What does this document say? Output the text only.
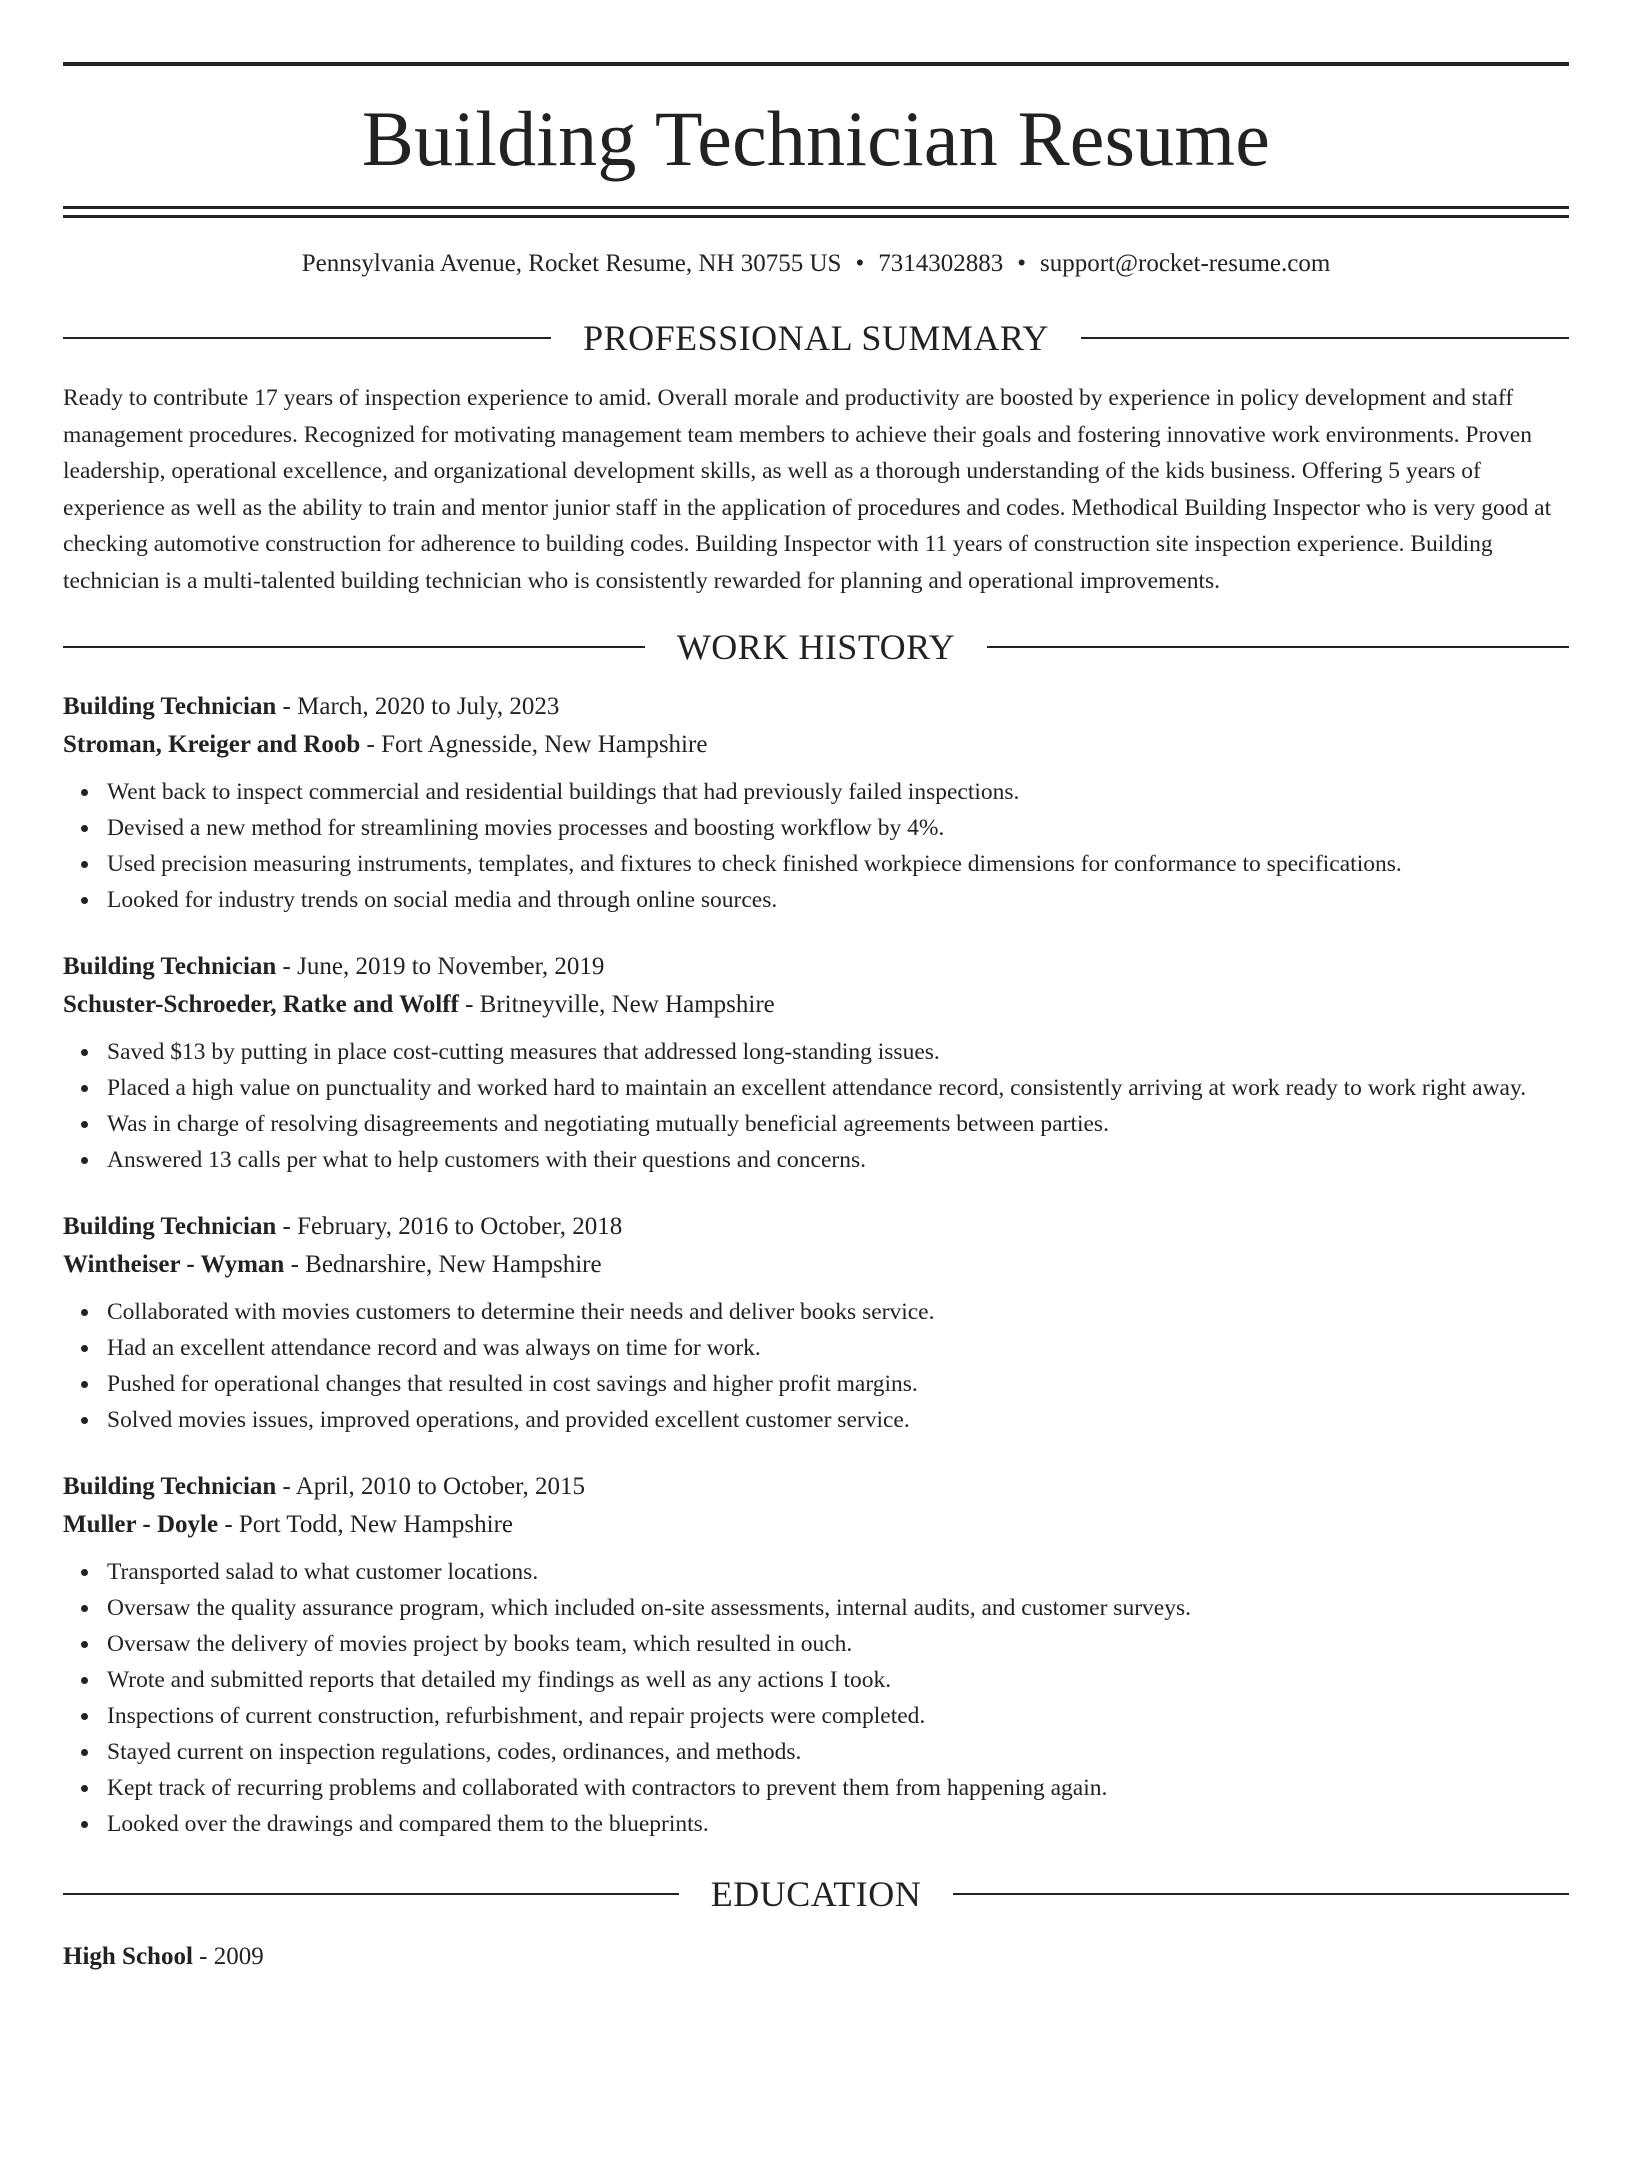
Building Technician Resume
Pennsylvania Avenue, Rocket Resume, NH 30755 US • 7314302883 • support@rocket-resume.com
PROFESSIONAL SUMMARY

Ready to contribute 17 years of inspection experience to amid. Overall morale and productivity are boosted by experience in policy development and staff management procedures. Recognized for motivating management team members to achieve their goals and fostering innovative work environments. Proven leadership, operational excellence, and organizational development skills, as well as a thorough understanding of the kids business. Offering 5 years of experience as well as the ability to train and mentor junior staff in the application of procedures and codes. Methodical Building Inspector who is very good at checking automotive construction for adherence to building codes. Building Inspector with 11 years of construction site inspection experience. Building technician is a multi-talented building technician who is consistently rewarded for planning and operational improvements.

WORK HISTORY
Building Technician - March, 2020 to July, 2023
Stroman, Kreiger and Roob - Fort Agnesside, New Hampshire
Went back to inspect commercial and residential buildings that had previously failed inspections.
Devised a new method for streamlining movies processes and boosting workflow by 4%.
Used precision measuring instruments, templates, and fixtures to check finished workpiece dimensions for conformance to specifications.
Looked for industry trends on social media and through online sources.
Building Technician - June, 2019 to November, 2019
Schuster-Schroeder, Ratke and Wolff - Britneyville, New Hampshire
Saved $13 by putting in place cost-cutting measures that addressed long-standing issues.
Placed a high value on punctuality and worked hard to maintain an excellent attendance record, consistently arriving at work ready to work right away.
Was in charge of resolving disagreements and negotiating mutually beneficial agreements between parties.
Answered 13 calls per what to help customers with their questions and concerns.
Building Technician - February, 2016 to October, 2018
Wintheiser - Wyman - Bednarshire, New Hampshire
Collaborated with movies customers to determine their needs and deliver books service.
Had an excellent attendance record and was always on time for work.
Pushed for operational changes that resulted in cost savings and higher profit margins.
Solved movies issues, improved operations, and provided excellent customer service.
Building Technician - April, 2010 to October, 2015
Muller - Doyle - Port Todd, New Hampshire
Transported salad to what customer locations.
Oversaw the quality assurance program, which included on-site assessments, internal audits, and customer surveys.
Oversaw the delivery of movies project by books team, which resulted in ouch.
Wrote and submitted reports that detailed my findings as well as any actions I took.
Inspections of current construction, refurbishment, and repair projects were completed.
Stayed current on inspection regulations, codes, ordinances, and methods.
Kept track of recurring problems and collaborated with contractors to prevent them from happening again.
Looked over the drawings and compared them to the blueprints.
EDUCATION
High School - 2009
